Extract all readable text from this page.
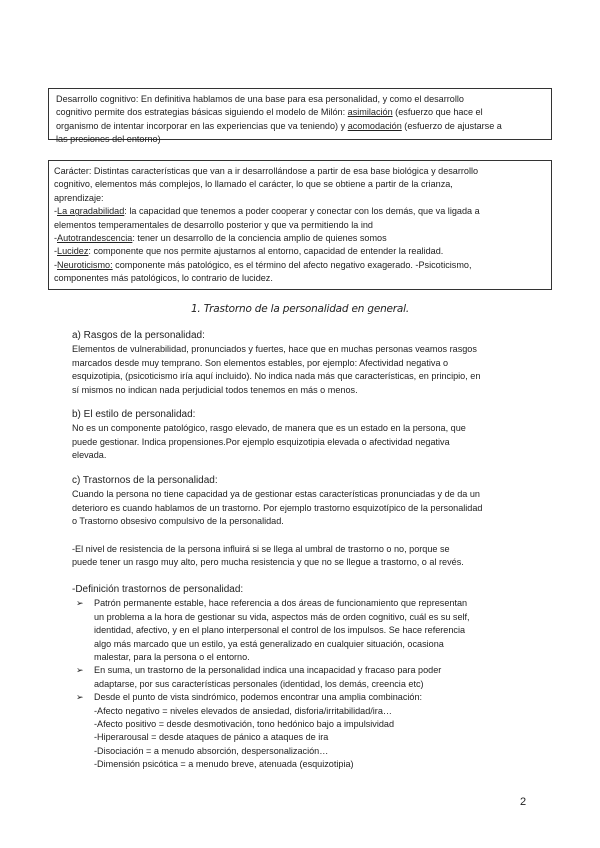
Desarrollo cognitivo: En definitiva hablamos de una base para esa personalidad, y como el desarrollo
cognitivo permite dos estrategias básicas siguiendo el modelo de Milón: asimilación (esfuerzo que hace el
organismo de intentar incorporar en las experiencias que va teniendo) y acomodación (esfuerzo de ajustarse a
las presiones del entorno)
Carácter: Distintas características que van a ir desarrollándose a partir de esa base biológica y desarrollo
cognitivo, elementos más complejos, lo llamado el carácter, lo que se obtiene a partir de la crianza,
aprendizaje:
-La agradabilidad: la capacidad que tenemos a poder cooperar y conectar con los demás, que va ligada a
elementos temperamentales de desarrollo posterior y que va permitiendo la ind
-Autotrandescencia: tener un desarrollo de la conciencia amplio de quienes somos
-Lucidez: componente que nos permite ajustarnos al entorno, capacidad de entender la realidad.
-Neuroticismo: componente más patológico, es el término del afecto negativo exagerado. -Psicoticismo,
componentes más patológicos, lo contrario de lucidez.
1. Trastorno de la personalidad en general.
a) Rasgos de la personalidad:
Elementos de vulnerabilidad, pronunciados y fuertes, hace que en muchas personas veamos rasgos
marcados desde muy temprano. Son elementos estables, por ejemplo: Afectividad negativa o
esquizotipia, (psicoticismo iría aquí incluido). No indica nada más que características, en principio, en
sí mismos no indican nada perjudicial todos tenemos en más o menos.
b) El estilo de personalidad:
No es un componente patológico, rasgo elevado, de manera que es un estado en la persona, que
puede gestionar. Indica propensiones.Por ejemplo esquizotipia elevada o afectividad negativa
elevada.
c) Trastornos de la personalidad:
Cuando la persona no tiene capacidad ya de gestionar estas características pronunciadas y de da un
deterioro es cuando hablamos de un trastorno. Por ejemplo trastorno esquizotípico de la personalidad
o Trastorno obsesivo compulsivo de la personalidad.
-El nivel de resistencia de la persona influirá si se llega al umbral de trastorno o no, porque se
puede tener un rasgo muy alto, pero mucha resistencia y que no se llegue a trastorno, o al revés.
-Definición trastornos de personalidad:
➢ Patrón permanente estable, hace referencia a dos áreas de funcionamiento que representan
un problema a la hora de gestionar su vida, aspectos más de orden cognitivo, cuál es su self,
identidad, afectivo, y en el plano interpersonal el control de los impulsos. Se hace referencia
algo más marcado que un estilo, ya está generalizado en cualquier situación, ocasiona
malestar, para la persona o el entorno.
➢ En suma, un trastorno de la personalidad indica una incapacidad y fracaso para poder
adaptarse, por sus características personales (identidad, los demás, creencia etc)
➢ Desde el punto de vista sindrómico, podemos encontrar una amplia combinación:
-Afecto negativo = niveles elevados de ansiedad, disforia/irritabilidad/ira…
-Afecto positivo = desde desmotivación, tono hedónico bajo a impulsividad
-Hiperarousal = desde ataques de pánico a ataques de ira
-Disociación = a menudo absorción, despersonalización…
-Dimensión psicótica = a menudo breve, atenuada (esquizotipia)
2
